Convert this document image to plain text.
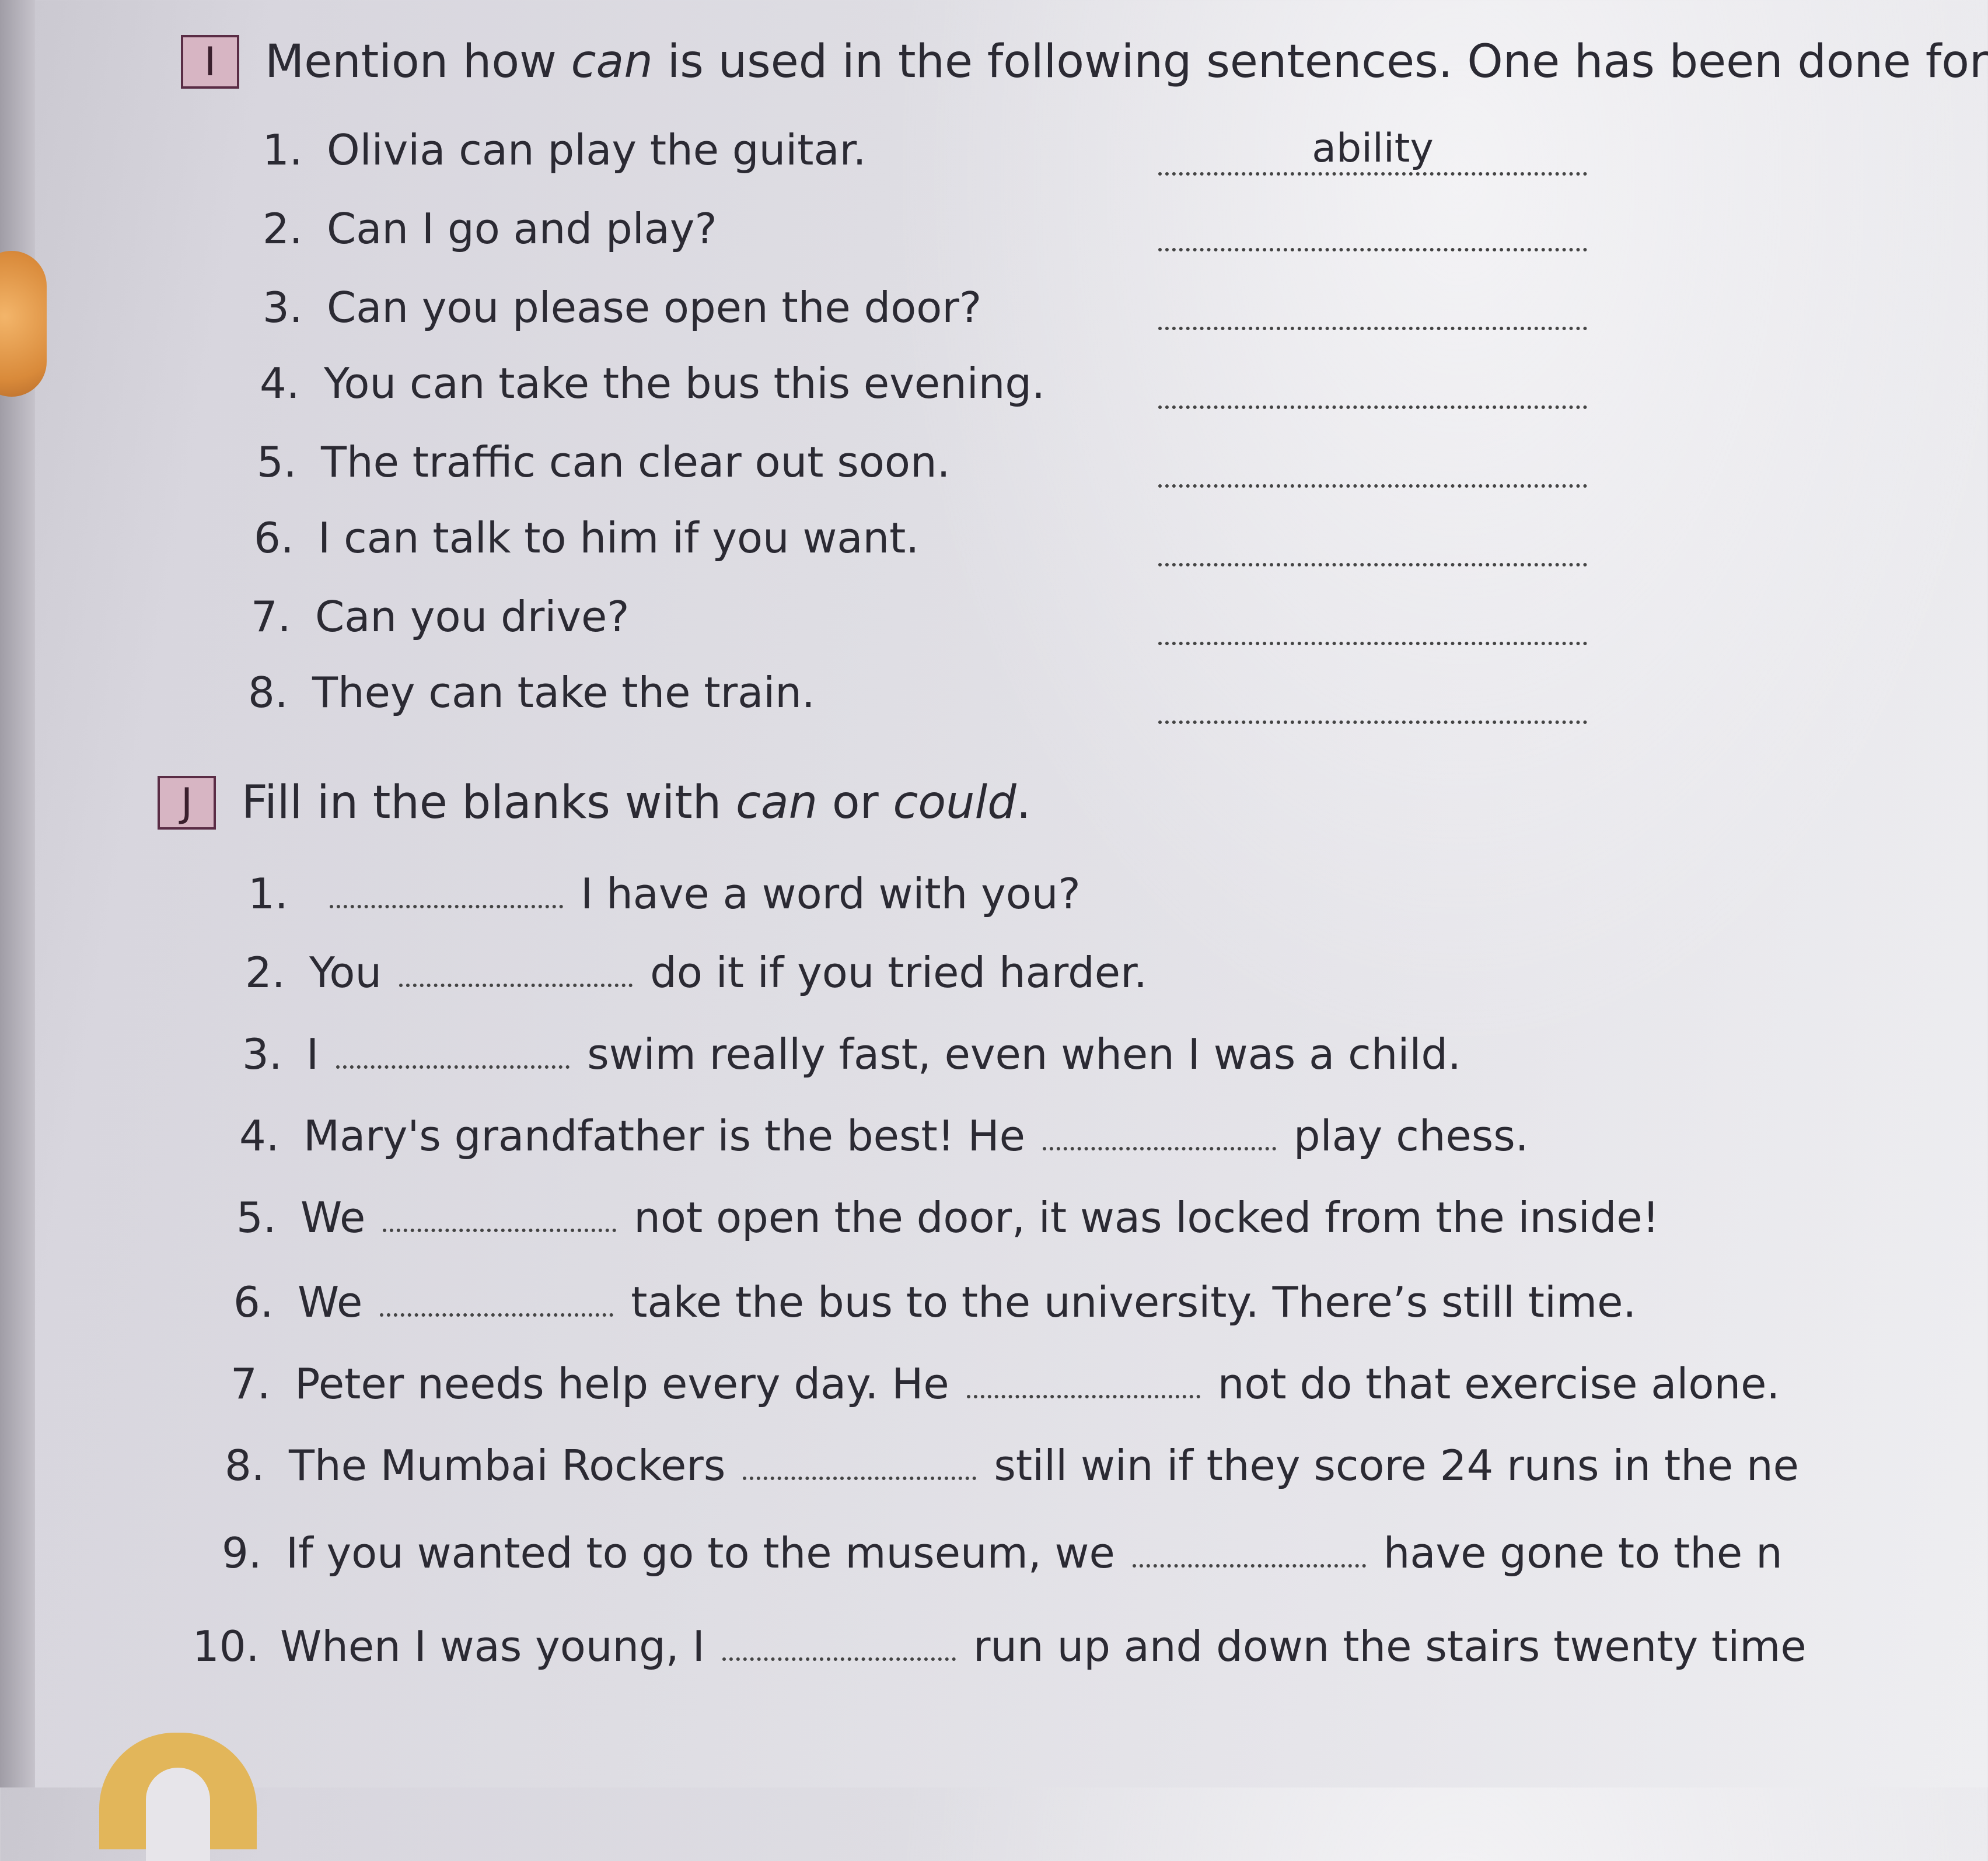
I	Mention how can is used in the following sentences. One has been done for
1. Olivia can play the guitar.	ability
2. Can I go and play?
3. Can you please open the door?
4. You can take the bus this evening.
5. The traffic can clear out soon.
6. I can talk to him if you want.
7. Can you drive?
8. They can take the train.
J	Fill in the blanks with can or could.
1.	I have a word with you?
2. You	do it if you tried harder.
3. I	swim really fast, even when I was a child.
4. Mary's grandfather is the best! He	play chess.
5. We	not open the door, it was locked from the inside!
6. We	take the bus to the university. There’s still time.
7. Peter needs help every day. He	not do that exercise alone.
8. The Mumbai Rockers	still win if they score 24 runs in the ne
9. If you wanted to go to the museum, we	have gone to the n
10. When I was young, I	run up and down the stairs twenty time
